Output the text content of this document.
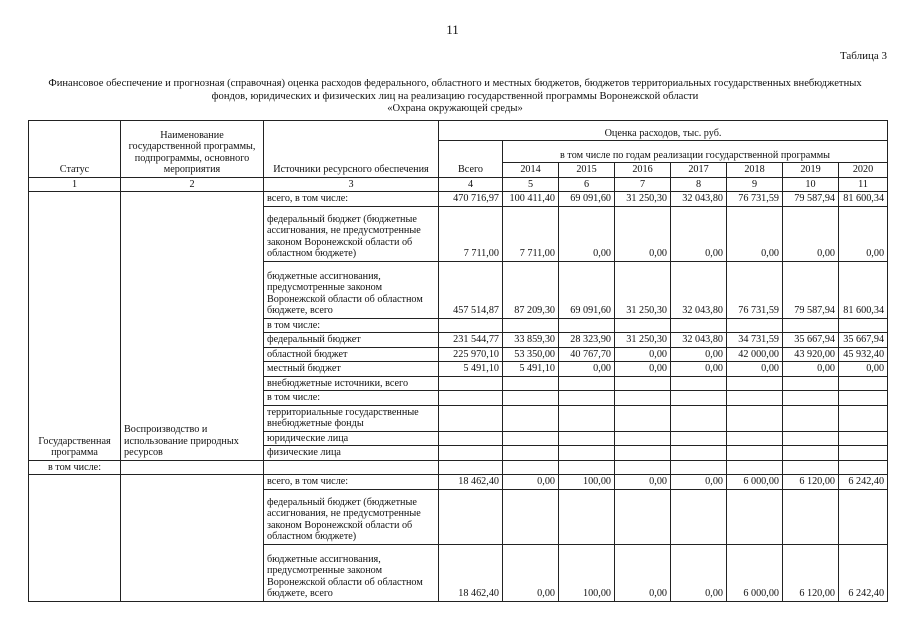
11
Таблица 3
Финансовое обеспечение и прогнозная (справочная) оценка расходов федерального, областного и местных бюджетов, бюджетов территориальных государственных внебюджетных
фондов, юридических и физических лиц на реализацию государственной программы Воронежской области
«Охрана окружающей среды»
Статус	Наименование государственной программы, подпрограммы, основного мероприятия	Источники ресурсного обеспечения	Оценка расходов, тыс. руб.							
			Всего	в том числе по годам реализации государственной программы						
				2014	2015	2016	2017	2018	2019	2020
1	2	3	4	5	6	7	8	9	10	11
Государственная программа	Воспроизводство и использование природных ресурсов	всего, в том числе:	470 716,97	100 411,40	69 091,60	31 250,30	32 043,80	76 731,59	79 587,94	81 600,34
		федеральный бюджет (бюджетные ассигнования, не предусмотренные законом Воронежской области об областном бюджете)	7 711,00	7 711,00	0,00	0,00	0,00	0,00	0,00	0,00
		бюджетные ассигнования, предусмотренные законом Воронежской области об областном бюджете, всего	457 514,87	87 209,30	69 091,60	31 250,30	32 043,80	76 731,59	79 587,94	81 600,34
		в том числе:								
		федеральный бюджет	231 544,77	33 859,30	28 323,90	31 250,30	32 043,80	34 731,59	35 667,94	35 667,94
		областной бюджет	225 970,10	53 350,00	40 767,70	0,00	0,00	42 000,00	43 920,00	45 932,40
		местный бюджет	5 491,10	5 491,10	0,00	0,00	0,00	0,00	0,00	0,00
		внебюджетные источники, всего								
		в том числе:								
		территориальные государственные внебюджетные фонды								
		юридические лица								
		физические лица								
в том числе:										
		всего, в том числе:	18 462,40	0,00	100,00	0,00	0,00	6 000,00	6 120,00	6 242,40
		федеральный бюджет (бюджетные ассигнования, не предусмотренные законом Воронежской области об областном бюджете)								
		бюджетные ассигнования, предусмотренные законом Воронежской области об областном бюджете, всего	18 462,40	0,00	100,00	0,00	0,00	6 000,00	6 120,00	6 242,40
